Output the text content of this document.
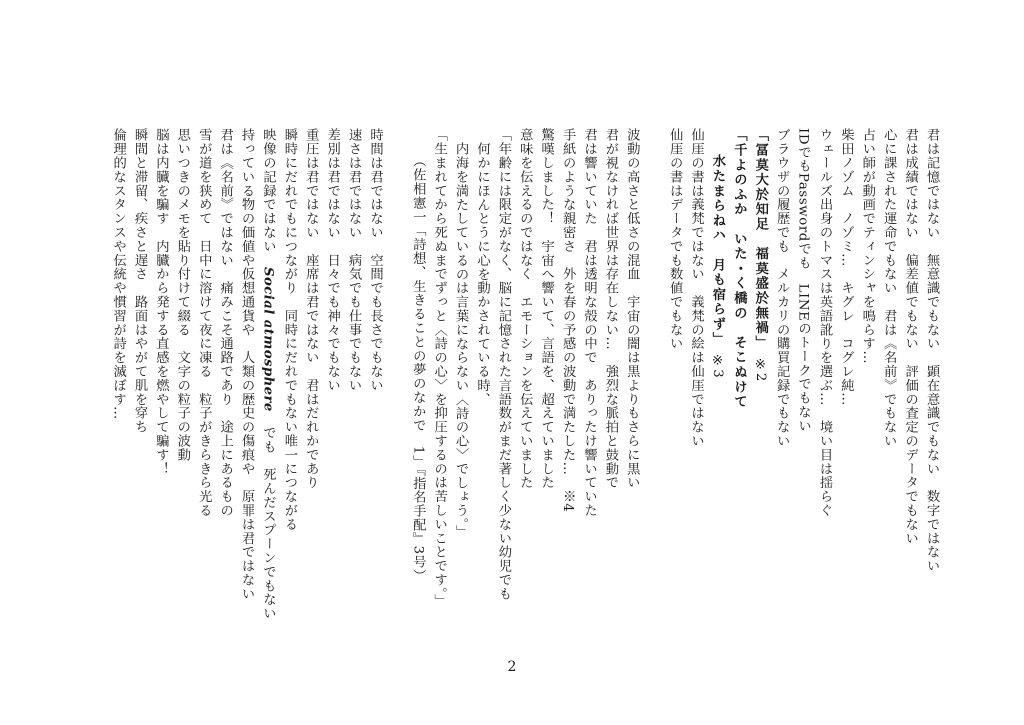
君は記憶ではない　無意識でもない　顕在意識でもない　数字ではない
君は成績ではない　偏差値でもない　評価の査定のデータでもない
心に課された運命でもない　君は《名前》でもない
占い師が動画でティンシャを鳴らす…
柴田ノゾム　ノゾミ…　キグレ　コグレ純…
ウェールズ出身のトマスは英語訛りを選ぶ…　境い目は揺らぐ
IDでもPasswordでも　LINEのトークでもない
ブラウザの履歴でも　メルカリの購買記録でもない
「冨莫大於知足　福莫盛於無禍」　※2
「千よのふか　いた・く橋の　そこぬけて
水たまらねハ　月も宿らず」　※3
仙厓の書は義梵ではない　義梵の絵は仙厓ではない
仙厓の書はデータでも数値でもない
波動の高さと低さの混血　宇宙の闇は黒よりもさらに黒い
君が視なければ世界は存在しない…　強烈な脈拍と鼓動で
君は響いていた　君は透明な殻の中で　ありったけ響いていた
手紙のような親密さ　外を春の予感の波動で満たした…　※4
驚嘆しました！　宇宙へ響いて、言語を、超えていました
意味を伝えるのではなく　エモーションを伝えていました
「年齢には限定がなく、脳に記憶された言語数がまだ著しく少ない幼児でも
何かにほんとうに心を動かされている時、
内海を満たしているのは言葉にならない〈詩の心〉でしょう。」
「生まれてから死ぬまでずっと〈詩の心〉を抑圧するのは苦しいことです。」
（佐相憲一「詩想、生きることの夢のなかで　1」『指名手配』3号）
時間は君ではない　空間でも長さでもない
速さは君ではない　病気でも仕事でもない
差別は君ではない　日々でも神々でもない
重圧は君ではない　座席は君ではない　君はだれかであり
瞬時にだれでもにつながり　同時にだれでもない唯一につながる
映像の記録ではない　Social atmosphere　でも　死んだスプーンでもない
持っている物の価値や仮想通貨や　人類の歴史の傷痕や　原罪は君ではない
君は《名前》ではない　痛みこそ通路であり　途上にあるもの
雪が道を狭めて　日中に溶けて夜に凍る　粒子がきらきら光る
思いつきのメモを貼り付けて綴る　文字の粒子の波動
脳は内臓を騙す　内臓から発する直感を燃やして騙す！
瞬間と滞留、疾さと遅さ　路面はやがて肌を穿ち
倫理的なスタンスや伝統や慣習が詩を滅ぼす…
2
